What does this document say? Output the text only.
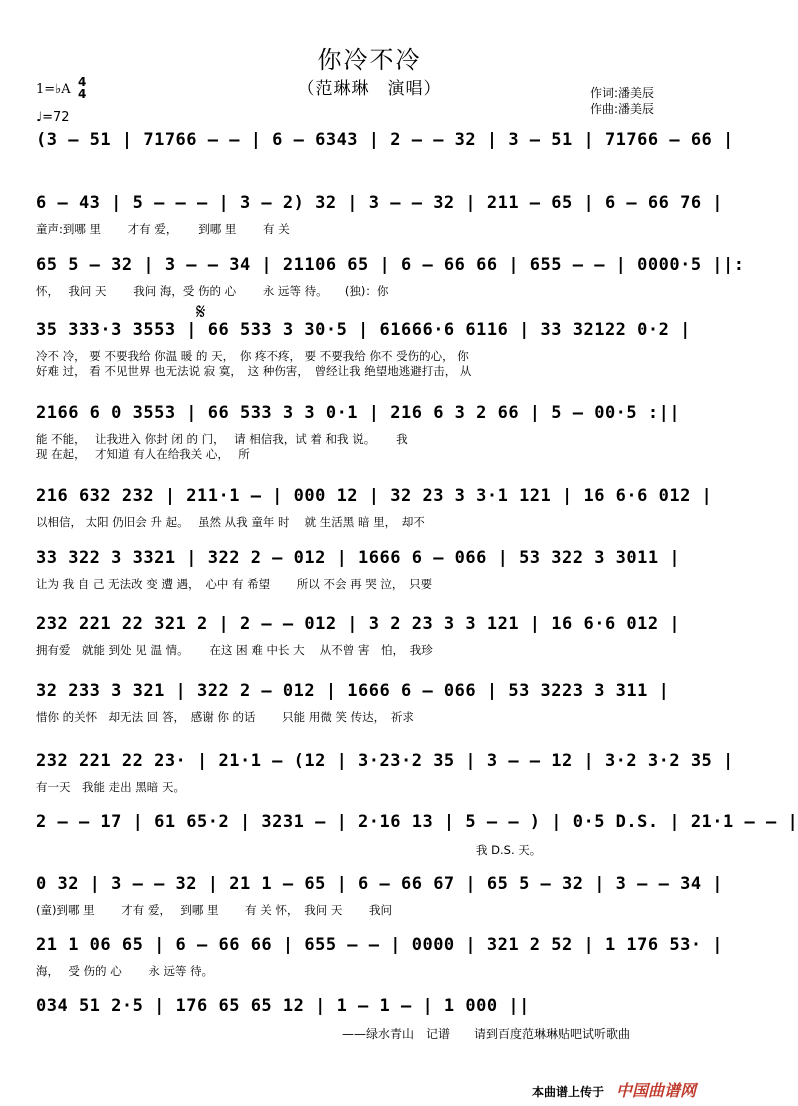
你冷不冷
（范琳琳　演唱）
1=♭A 4
4
♩=72
作词:潘美辰
作曲:潘美辰
𝄋
(3 – 51 | 71766 – – | 6 – 6343 | 2 – – 32 | 3 – 51 | 71766 – 66 |
6 – 43 | 5 – – – | 3 – 2) 32 | 3 – – 32 | 211 – 65 | 6 – 66 76 |
童声:到哪 里　　 才有 爱，　　 到哪 里　　 有 关
65 5 – 32 | 3 – – 34 | 21106 65 | 6 – 66 66 | 655 – – | 0000·5 ||:
怀，　 我问 天　　 我问 海，受 伤的 心　　 永 远等 待。　　(独)：你
35 333·3 3553 | 66 533 3 30·5 | 61666·6 6116 | 33 32122 0·2 |
冷不 冷， 要 不要我给 你温 暖 的 天，　你 疼不疼， 要 不要我给 你不 受伤的心， 你
好难 过， 看 不见世界 也无法说 寂 寞，　这 种伤害，　曾经让我 绝望地逃避打击， 从
2166 6 0 3553 | 66 533 3 3 0·1 | 216 6 3 2 66 | 5 – 00·5 :||
能 不能，　 让我进入 你封 闭 的 门，　 请 相信我，试 着 和我 说。　　 我
现 在起，　 才知道 有人在给我关 心，　 所
216 632 232 | 211·1 – | 000 12 | 32 23 3 3·1 121 | 16 6·6 012 |
以相信， 太阳 仍旧会 升 起。　 虽然 从我 童年 时　 就 生活黑 暗 里，　却不
33 322 3 3321 | 322 2 – 012 | 1666 6 – 066 | 53 322 3 3011 |
让为 我 自 己 无法改 变 遭 遇，　心中 有 希望　　 所以 不会 再 哭 泣，　只要
232 221 22 321 2 | 2 – – 012 | 3 2 23 3 3 121 | 16 6·6 012 |
拥有爱　就能 到处 见 温 情。　　 在这 困 难 中长 大　 从不曾 害　怕，　我珍
32 233 3 321 | 322 2 – 012 | 1666 6 – 066 | 53 3223 3 311 |
惜你 的关怀　却无法 回 答，　感谢 你 的话　　 只能 用微 笑 传达，　祈求
232 221 22 23· | 21·1 – (12 | 3·23·2 35 | 3 – – 12 | 3·2 3·2 35 |
有一天　我能 走出 黑暗 天。
2 – – 17 | 61 65·2 | 3231 – | 2·16 13 | 5 – – ) | 0·5 D.S. | 21·1 – – |
我 D.S. 天。
0 32 | 3 – – 32 | 21 1 – 65 | 6 – 66 67 | 65 5 – 32 | 3 – – 34 |
(童)到哪 里　　 才有 爱，　 到哪 里　　 有 关 怀，　我问 天　　 我问
21 1 06 65 | 6 – 66 66 | 655 – – | 0000 | 321 2 52 | 1 176 53· |
海，　 受 伤的 心　　 永 远等 待。
034 51 2·5 | 176 65 65 12 | 1 – 1 – | 1 000 ||
——绿水青山　记谱　　请到百度范琳琳贴吧试听歌曲
本曲谱上传于 中国曲谱网
